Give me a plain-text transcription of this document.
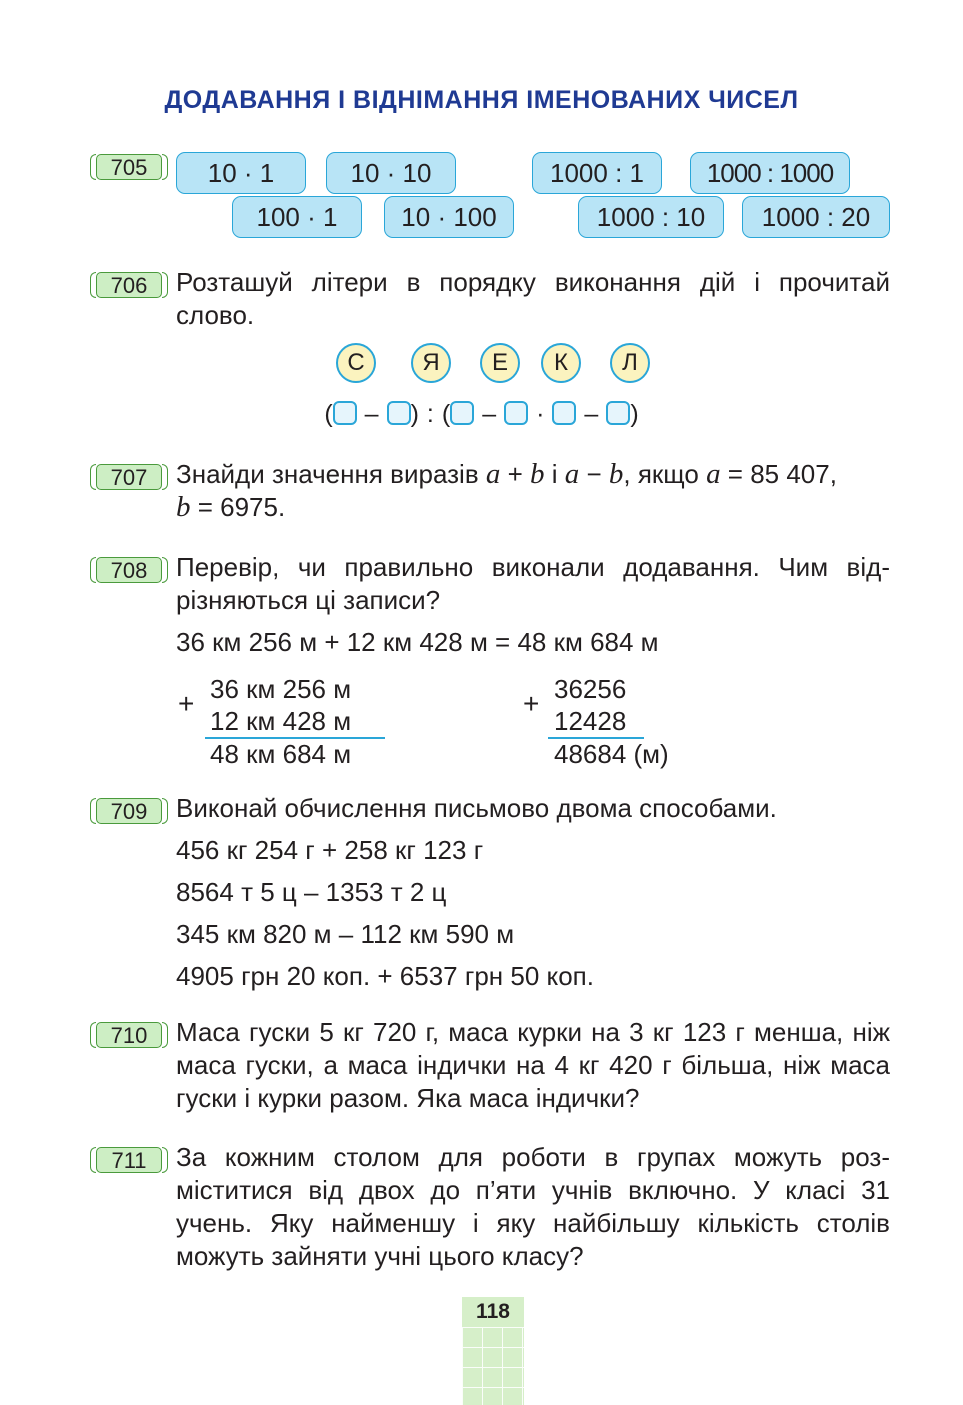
ДОДАВАННЯ І ВІДНІМАННЯ ІМЕНОВАНИХ ЧИСЕЛ
705	10 · 1	10 · 10	1000 : 1	1000 : 1000
100 · 1	10 · 100	1000 : 10	1000 : 20
706	Розташуй літери в порядку виконання дій і прочитай слово.
С	Я	Е	К	Л
( – ) : ( – · – )
707	Знайди значення виразів a + b і a − b, якщо a = 85 407,
b = 6975.
708	Перевір, чи правильно виконали додавання. Чим відрізняються ці записи?
36 км 256 м + 12 км 428 м = 48 км 684 м
+ 36 км 256 м
12 км 428 м
48 км 684 м
+ 36256
12428
48684 (м)
709	Виконай обчислення письмово двома способами.
456 кг 254 г + 258 кг 123 г
8564 т 5 ц – 1353 т 2 ц
345 км 820 м – 112 км 590 м
4905 грн 20 коп. + 6537 грн 50 коп.
710	Маса гуски 5 кг 720 г, маса курки на 3 кг 123 г менша, ніж маса гуски, а маса індички на 4 кг 420 г більша, ніж маса гуски і курки разом. Яка маса індички?
711	За кожним столом для роботи в групах можуть розміститися від двох до п’яти учнів включно. У класі 31 учень. Яку найменшу і яку найбільшу кількість столів можуть зайняти учні цього класу?
118
